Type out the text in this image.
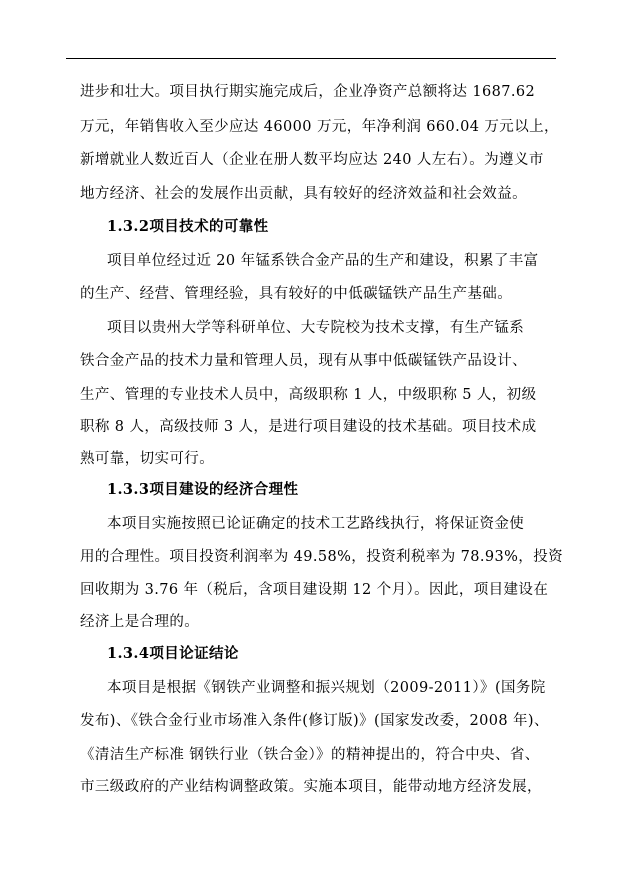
进步和壮大。项目执行期实施完成后，企业净资产总额将达 1687.62
万元，年销售收入至少应达 46000 万元，年净利润 660.04 万元以上，
新增就业人数近百人（企业在册人数平均应达 240 人左右）。为遵义市
地方经济、社会的发展作出贡献，具有较好的经济效益和社会效益。
1.3.2项目技术的可靠性
项目单位经过近 20 年锰系铁合金产品的生产和建设，积累了丰富
的生产、经营、管理经验，具有较好的中低碳锰铁产品生产基础。
项目以贵州大学等科研单位、大专院校为技术支撑，有生产锰系
铁合金产品的技术力量和管理人员，现有从事中低碳锰铁产品设计、
生产、管理的专业技术人员中，高级职称 1 人，中级职称 5 人，初级
职称 8 人，高级技师 3 人，是进行项目建设的技术基础。项目技术成
熟可靠，切实可行。
1.3.3项目建设的经济合理性
本项目实施按照已论证确定的技术工艺路线执行，将保证资金使
用的合理性。项目投资利润率为 49.58%，投资利税率为 78.93%，投资
回收期为 3.76 年（税后，含项目建设期 12 个月）。因此，项目建设在
经济上是合理的。
1.3.4项目论证结论
本项目是根据《钢铁产业调整和振兴规划（2009-2011）》(国务院
发布)、《铁合金行业市场准入条件(修订版)》(国家发改委，2008 年)、
《清洁生产标准 钢铁行业（铁合金）》的精神提出的，符合中央、省、
市三级政府的产业结构调整政策。实施本项目，能带动地方经济发展，
